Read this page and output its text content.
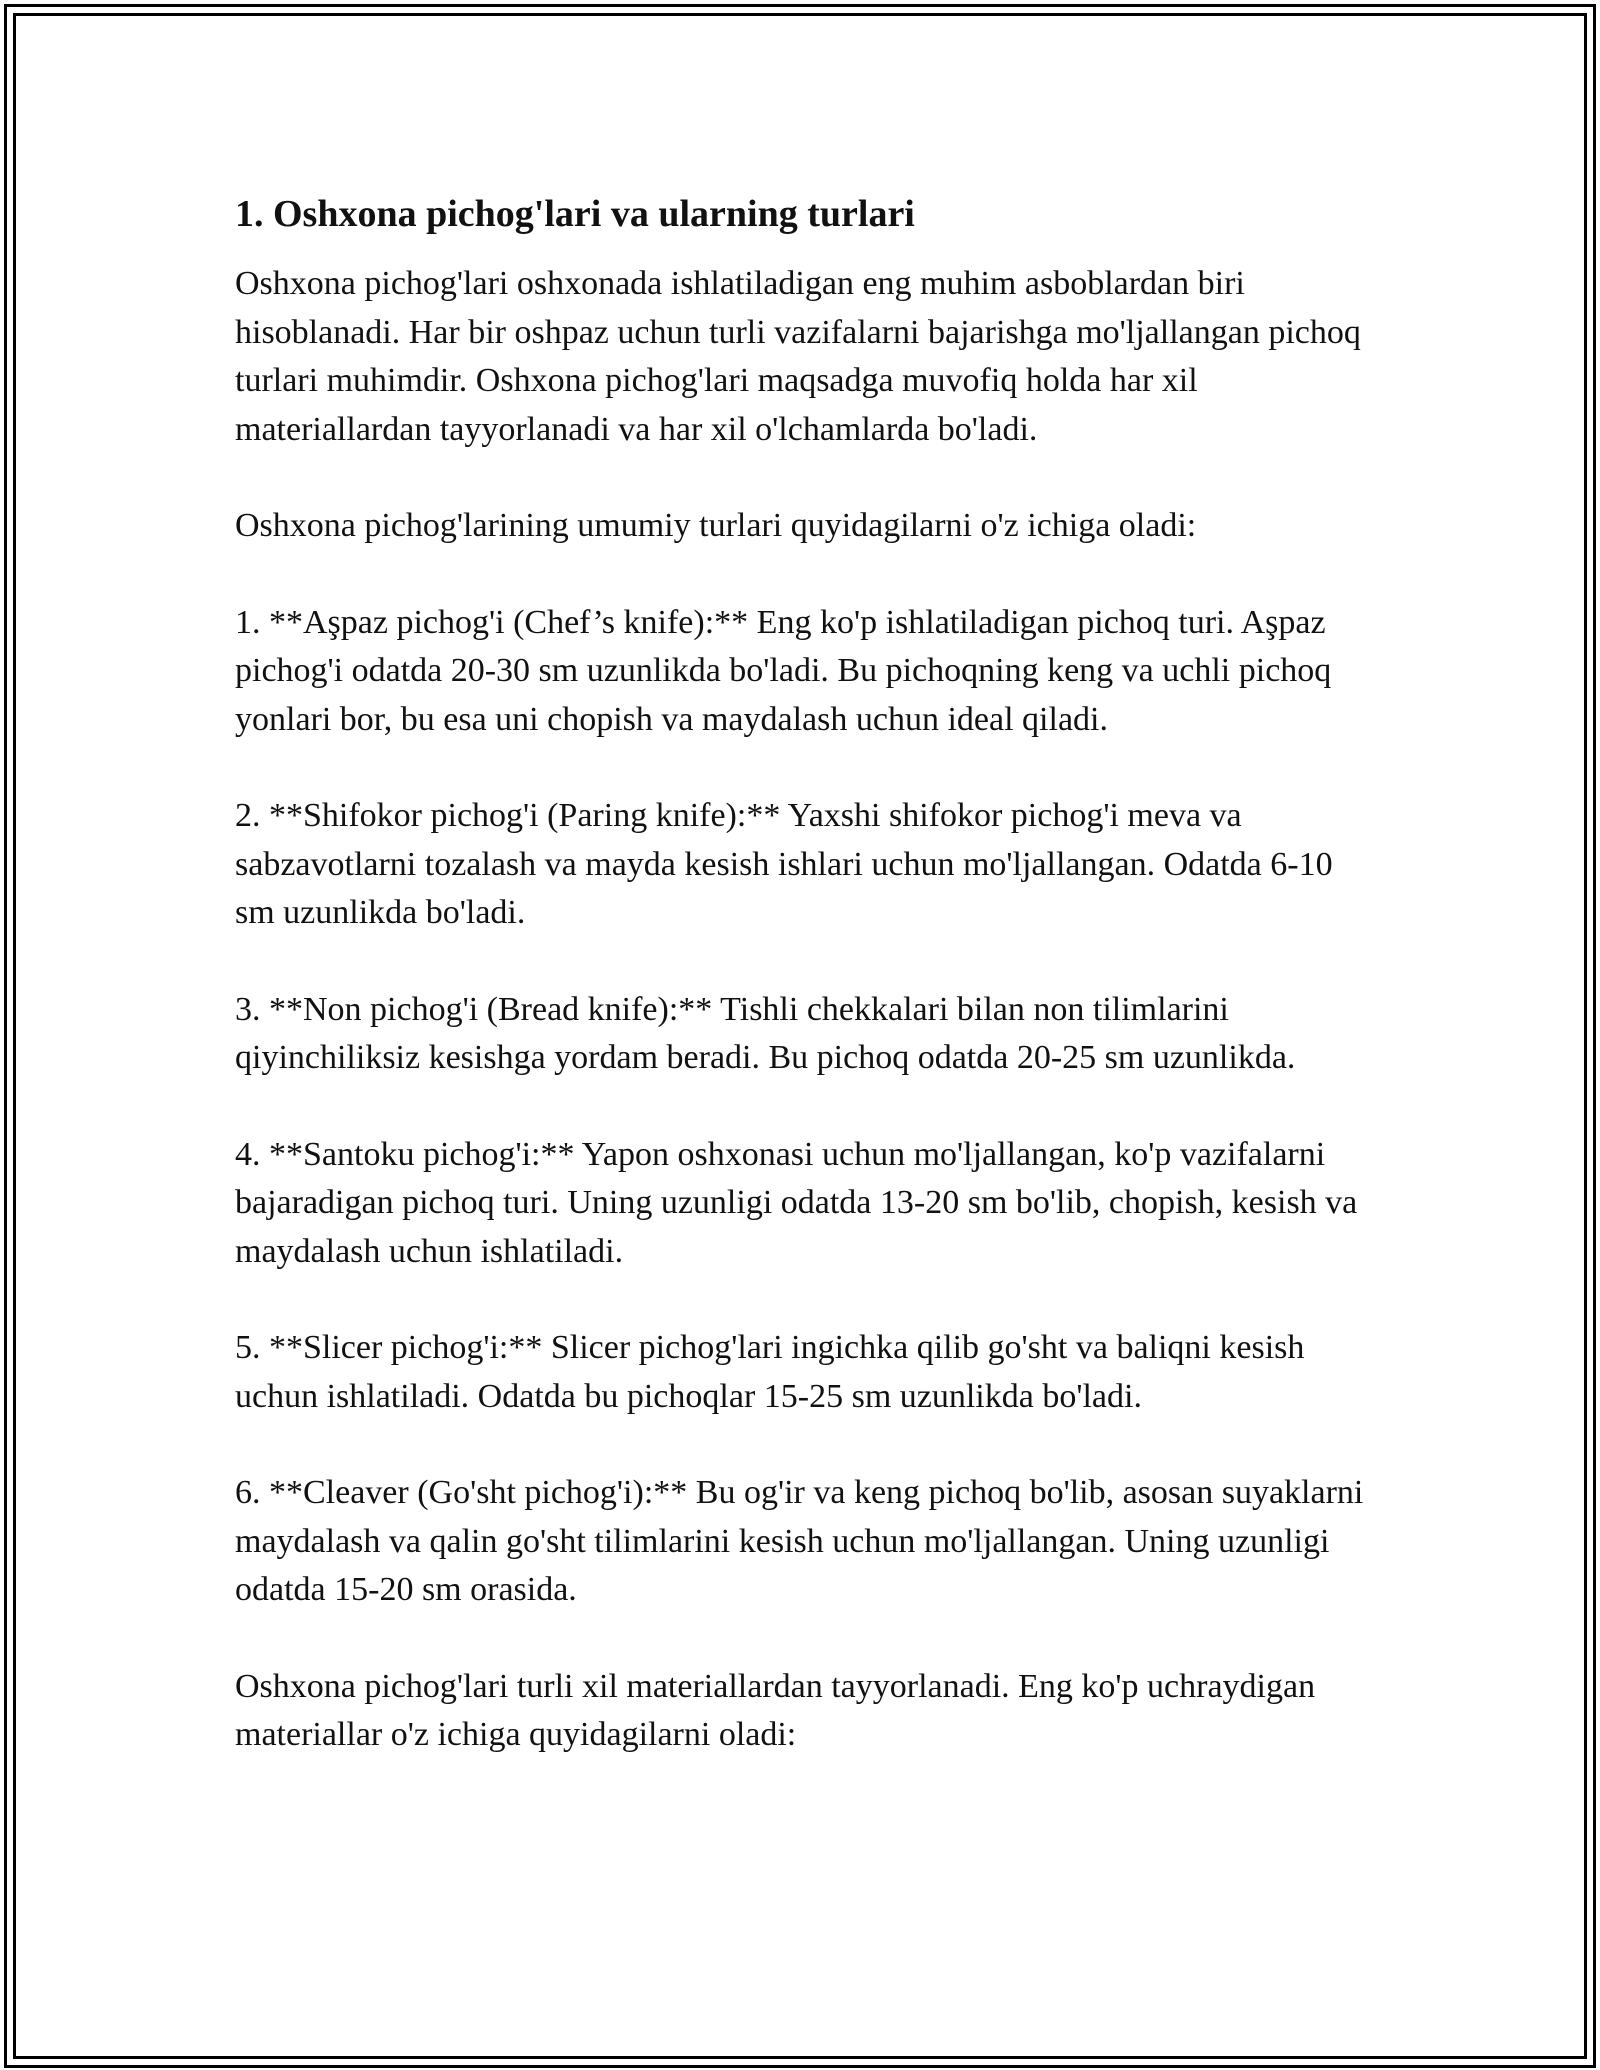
1. Oshxona pichog'lari va ularning turlari

Oshxona pichog'lari oshxonada ishlatiladigan eng muhim asboblardan biri hisoblanadi. Har bir oshpaz uchun turli vazifalarni bajarishga mo'ljallangan pichoq turlari muhimdir. Oshxona pichog'lari maqsadga muvofiq holda har xil materiallardan tayyorlanadi va har xil o'lchamlarda bo'ladi.

Oshxona pichog'larining umumiy turlari quyidagilarni o'z ichiga oladi:

1. **Aşpaz pichog'i (Chef’s knife):** Eng ko'p ishlatiladigan pichoq turi. Aşpaz pichog'i odatda 20-30 sm uzunlikda bo'ladi. Bu pichoqning keng va uchli pichoq yonlari bor, bu esa uni chopish va maydalash uchun ideal qiladi.

2. **Shifokor pichog'i (Paring knife):** Yaxshi shifokor pichog'i meva va sabzavotlarni tozalash va mayda kesish ishlari uchun mo'ljallangan. Odatda 6-10 sm uzunlikda bo'ladi.

3. **Non pichog'i (Bread knife):** Tishli chekkalari bilan non tilimlarini qiyinchiliksiz kesishga yordam beradi. Bu pichoq odatda 20-25 sm uzunlikda.

4. **Santoku pichog'i:** Yapon oshxonasi uchun mo'ljallangan, ko'p vazifalarni bajaradigan pichoq turi. Uning uzunligi odatda 13-20 sm bo'lib, chopish, kesish va maydalash uchun ishlatiladi.

5. **Slicer pichog'i:** Slicer pichog'lari ingichka qilib go'sht va baliqni kesish uchun ishlatiladi. Odatda bu pichoqlar 15-25 sm uzunlikda bo'ladi.

6. **Cleaver (Go'sht pichog'i):** Bu og'ir va keng pichoq bo'lib, asosan suyaklarni maydalash va qalin go'sht tilimlarini kesish uchun mo'ljallangan. Uning uzunligi odatda 15-20 sm orasida.

Oshxona pichog'lari turli xil materiallardan tayyorlanadi. Eng ko'p uchraydigan materiallar o'z ichiga quyidagilarni oladi:
